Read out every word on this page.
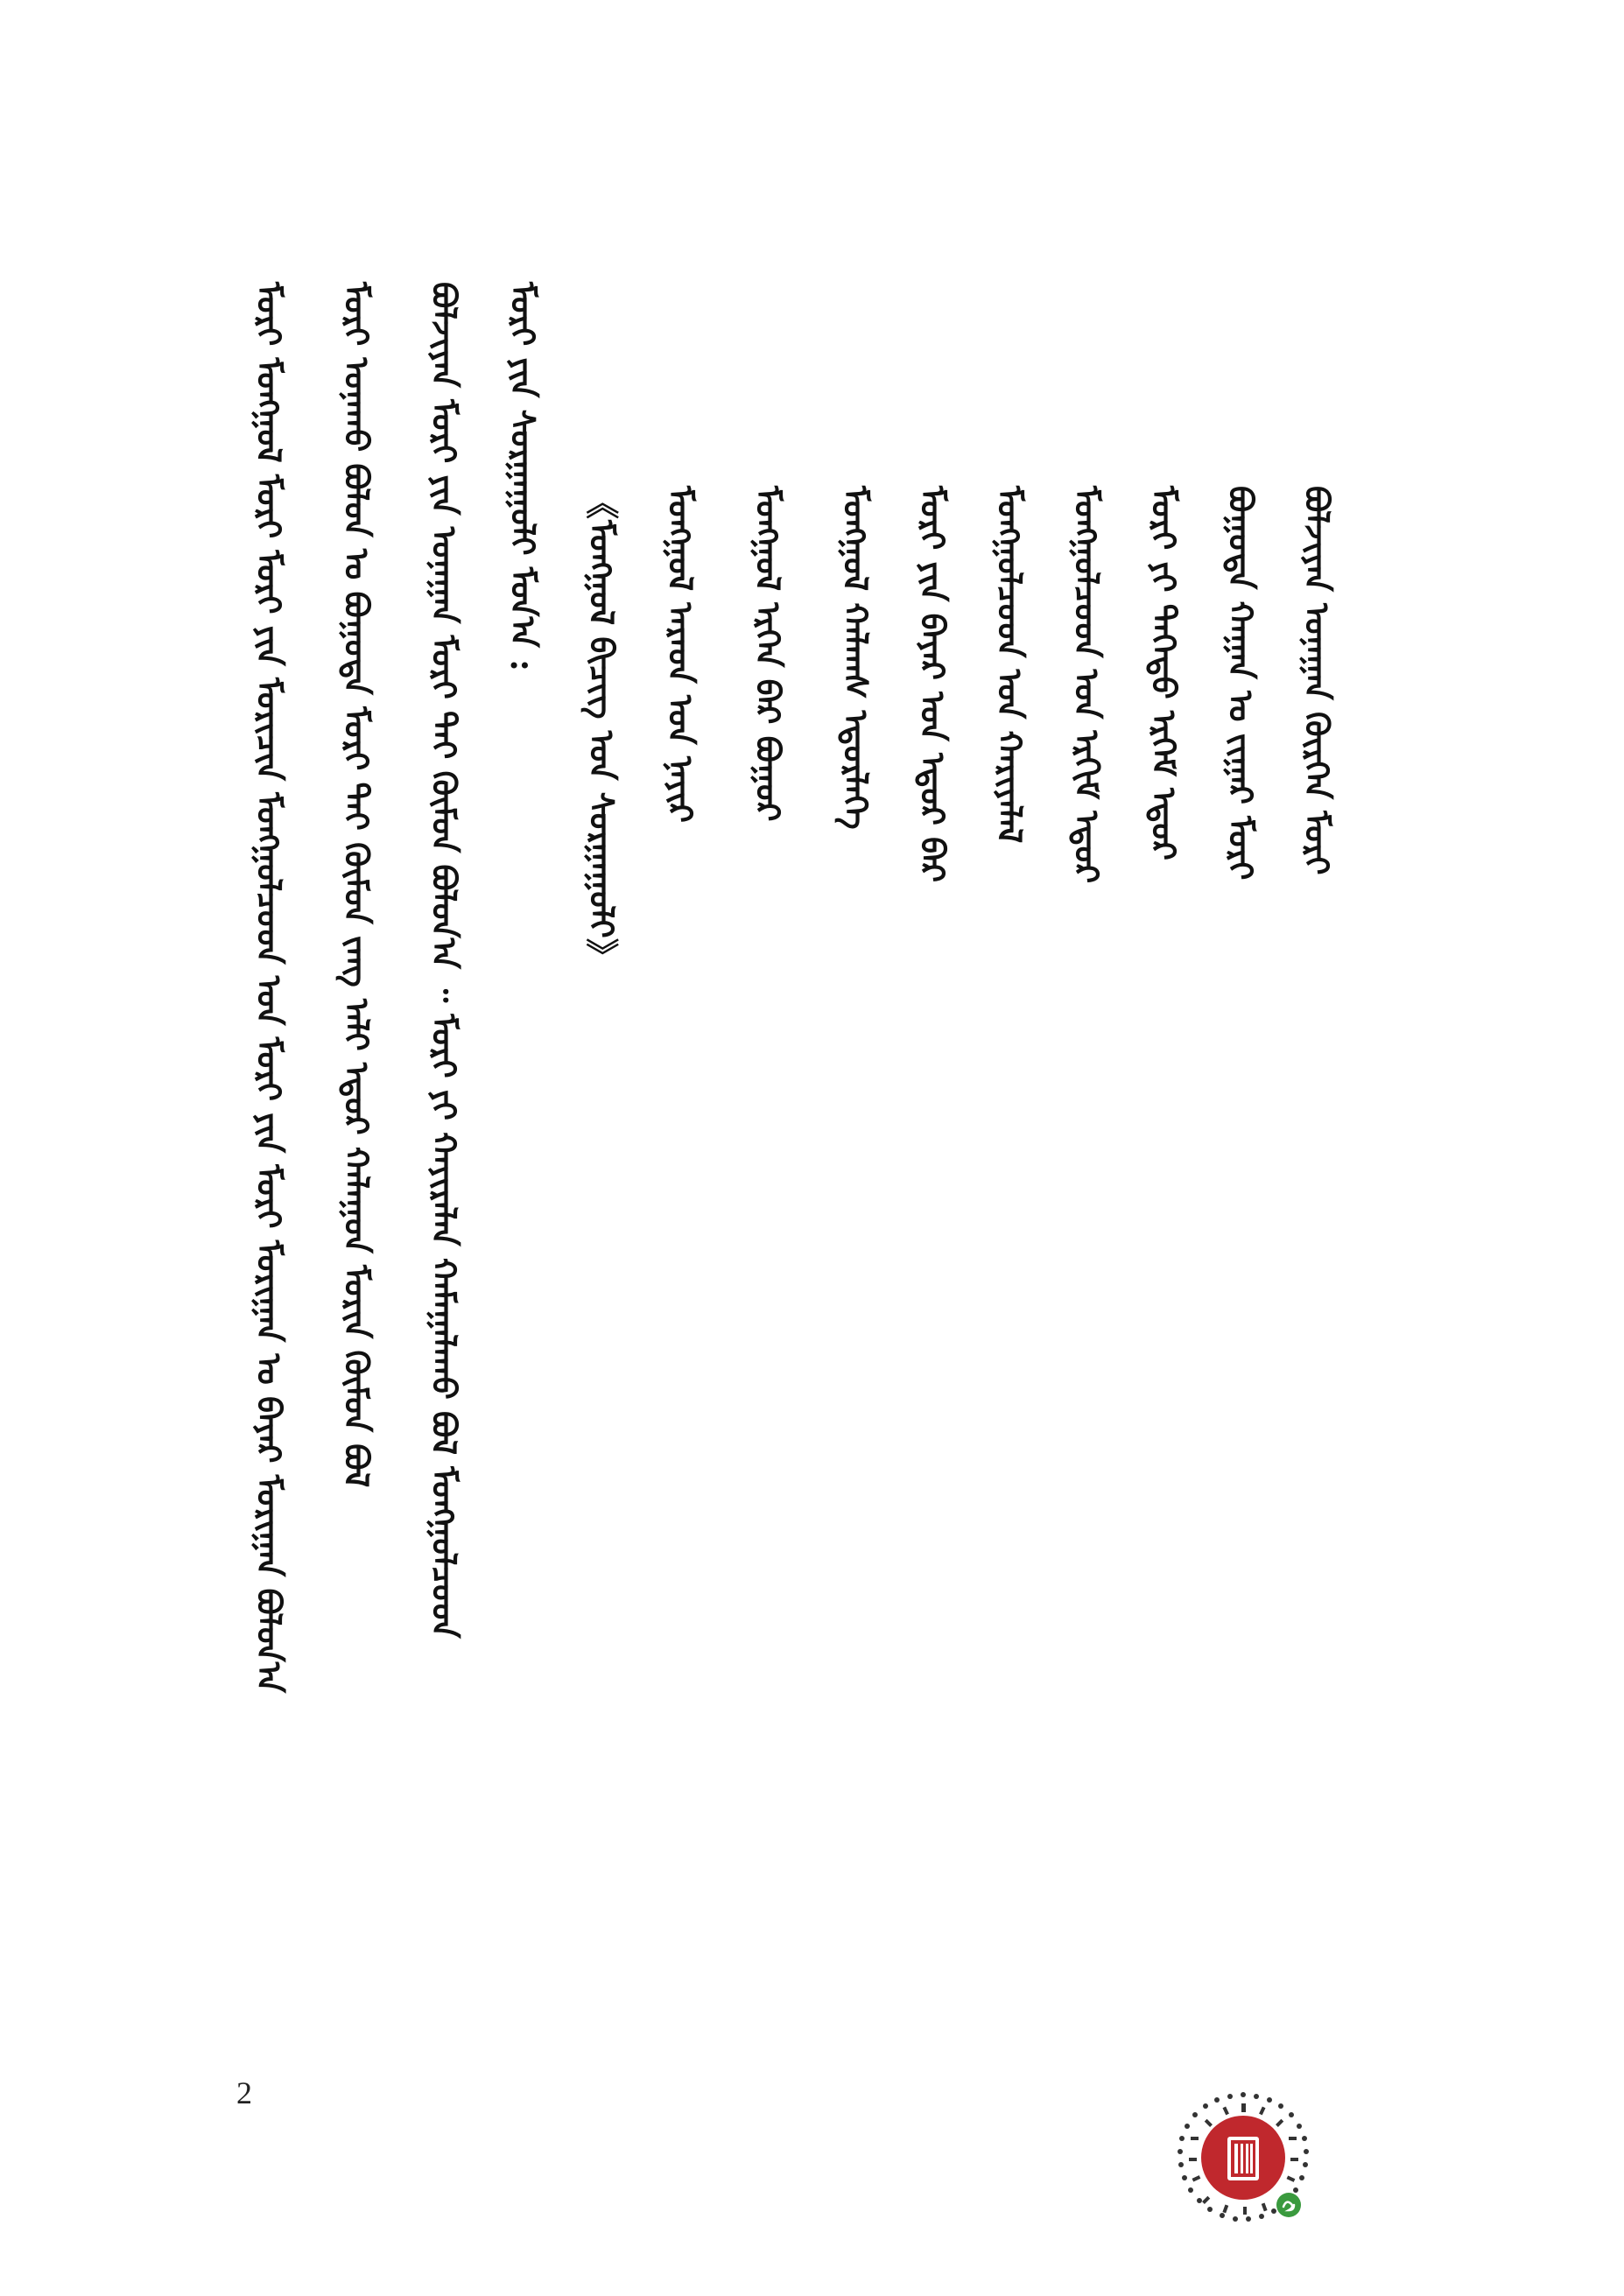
ᠪᠣᠯᠵᠢᠶᠠᠨ ᠤᠨᠠᠭᠠᠨ ᠬᠦᠷᠭᠡᠨ ᠮᠣᠷᠢ
ᠪᠣᠭᠣᠳᠠ ᠬᠠᠭᠠᠨ ᠤ ᠵᠢᠭᠠᠷ ᠮᠣᠷᠢ
ᠮᠣᠷᠢ ᠶᠢ ᠳᠡᠭᠡᠳᠦ ᠡᠷᠬᠡᠮ ᠡᠳᠦᠷ
ᠮᠣᠩᠭᠣᠯᠴᠤᠳ ᠤᠨ ᠡᠷᠬᠢᠮ ᠡᠳᠦᠷ
ᠮᠣᠩᠭᠣᠯᠴᠤᠳ ᠤᠨ ᠬᠠᠷᠢᠶᠠᠯᠠᠯ
ᠮᠣᠷᠢ ᠶᠢᠨ ᠪᠠᠶᠠᠷ ᠤᠨ ᠡᠳᠦᠷ ᠪᠡᠷ
ᠮᠣᠩᠭᠣᠯ ᠬᠠᠯᠬᠠᠰ ᠡᠳᠦᠷᠯᠡᠭᠡ
ᠮᠣᠩᠭᠣᠯ ᠡᠷᠬᠡᠨ ᠪᠡᠷ ᠪᠣᠭᠣᠷ
ᠮᠣᠩᠭᠣᠯ ᠠᠷᠠᠳ ᠤᠨ ᠨᠠᠶᠢᠷ
《ᠮᠣᠩᠭᠣᠯ ᠪᠢᠴᠢᠭ ᠤᠨ ᠰᠤᠷᠭᠠᠭᠤᠯᠢ》
ᠮᠣᠷᠢ ᠶᠢᠨ ᠰᠤᠷᠭᠠᠭᠤᠯᠢ ᠮᠣᠨ᠎ᠠ :
ᠪᠣᠯᠵᠢᠶᠠᠨ ᠮᠣᠷᠢ ᠶᠢᠨ ᠤᠨᠠᠭᠠᠨ ᠮᠣᠷᠢ ᠲᠠᠢ ᠬᠦᠮᠦᠨ ᠪᠣᠯᠤᠨ᠎ᠠ ᠃ ᠮᠣᠷᠢ ᠶᠢ ᠬᠠᠶᠢᠷᠠᠯᠠᠨ ᠬᠠᠮᠠᠭᠠᠯᠠᠬᠤ ᠪᠣᠯ ᠮᠣᠩᠭᠣᠯᠴᠤᠳ
ᠮᠣᠷᠢ ᠤᠨᠠᠬᠤ ᠪᠣᠯᠤᠨ ᠤ ᠪᠣᠭᠣᠳᠠ ᠮᠣᠷᠢ ᠲᠠᠢ ᠬᠦᠮᠦᠨ ᠵᠠᠩ ᠠᠯᠢ ᠡᠳᠦᠷ ᠬᠠᠯᠠᠭᠤᠨ ᠮᠣᠷᠢᠨ ᠬᠦᠮᠦᠨ ᠪᠣᠯ
ᠮᠣᠷᠢ ᠮᠣᠩᠭᠣᠯ ᠮᠣᠷᠢ ᠮᠣᠷᠢ ᠶᠢᠨ ᠮᠣᠷᠢᠴᠢᠨ ᠮᠣᠩᠭᠣᠯᠴᠤᠳ ᠤᠨ ᠮᠣᠷᠢ ᠶᠢᠨ ᠮᠣᠷᠢ ᠮᠣᠷᠢᠭᠠᠨ ᠤ ᠪᠠᠶᠠᠷ ᠮᠣᠷᠢᠭᠠᠨ ᠪᠣᠯᠤᠨ᠎ᠠ
2
